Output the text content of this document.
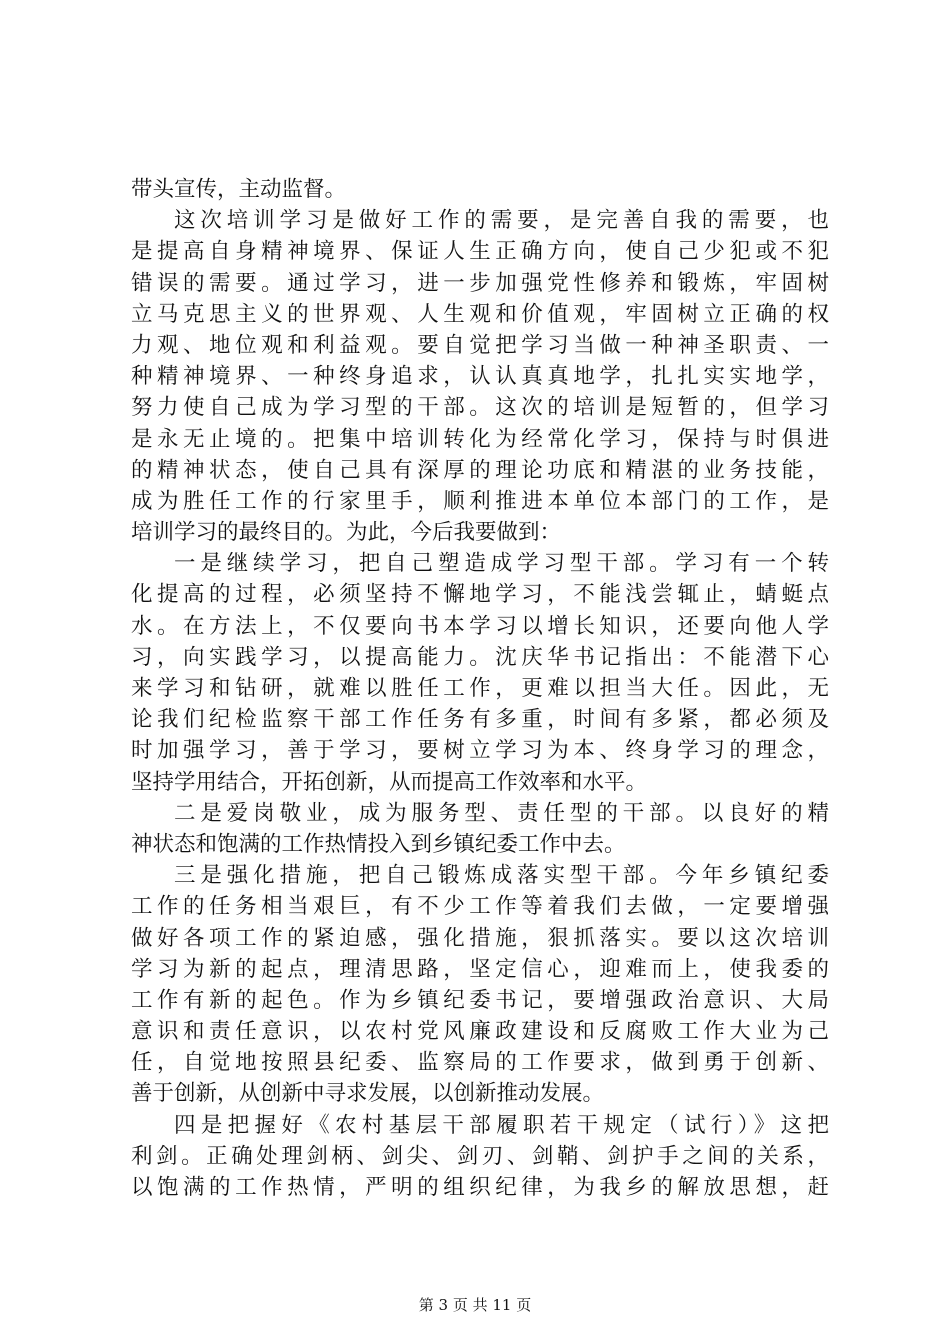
带头宣传，主动监督。
这次培训学习是做好工作的需要，是完善自我的需要，也
是提高自身精神境界、保证人生正确方向，使自己少犯或不犯
错误的需要。通过学习，进一步加强党性修养和锻炼，牢固树
立马克思主义的世界观、人生观和价值观，牢固树立正确的权
力观、地位观和利益观。要自觉把学习当做一种神圣职责、一
种精神境界、一种终身追求，认认真真地学，扎扎实实地学，
努力使自己成为学习型的干部。这次的培训是短暂的，但学习
是永无止境的。把集中培训转化为经常化学习，保持与时俱进
的精神状态，使自己具有深厚的理论功底和精湛的业务技能，
成为胜任工作的行家里手，顺利推进本单位本部门的工作，是
培训学习的最终目的。为此，今后我要做到：
一是继续学习，把自己塑造成学习型干部。学习有一个转
化提高的过程，必须坚持不懈地学习，不能浅尝辄止，蜻蜓点
水。在方法上，不仅要向书本学习以增长知识，还要向他人学
习，向实践学习，以提高能力。沈庆华书记指出：不能潜下心
来学习和钻研，就难以胜任工作，更难以担当大任。因此，无
论我们纪检监察干部工作任务有多重，时间有多紧，都必须及
时加强学习，善于学习，要树立学习为本、终身学习的理念，
坚持学用结合，开拓创新，从而提高工作效率和水平。
二是爱岗敬业，成为服务型、责任型的干部。以良好的精
神状态和饱满的工作热情投入到乡镇纪委工作中去。
三是强化措施，把自己锻炼成落实型干部。今年乡镇纪委
工作的任务相当艰巨，有不少工作等着我们去做，一定要增强
做好各项工作的紧迫感，强化措施，狠抓落实。要以这次培训
学习为新的起点，理清思路，坚定信心，迎难而上，使我委的
工作有新的起色。作为乡镇纪委书记，要增强政治意识、大局
意识和责任意识，以农村党风廉政建设和反腐败工作大业为己
任，自觉地按照县纪委、监察局的工作要求，做到勇于创新、
善于创新，从创新中寻求发展，以创新推动发展。
四是把握好《农村基层干部履职若干规定（试行）》这把
利剑。正确处理剑柄、剑尖、剑刃、剑鞘、剑护手之间的关系，
以饱满的工作热情，严明的组织纪律，为我乡的解放思想，赶
第 3 页 共 11 页
